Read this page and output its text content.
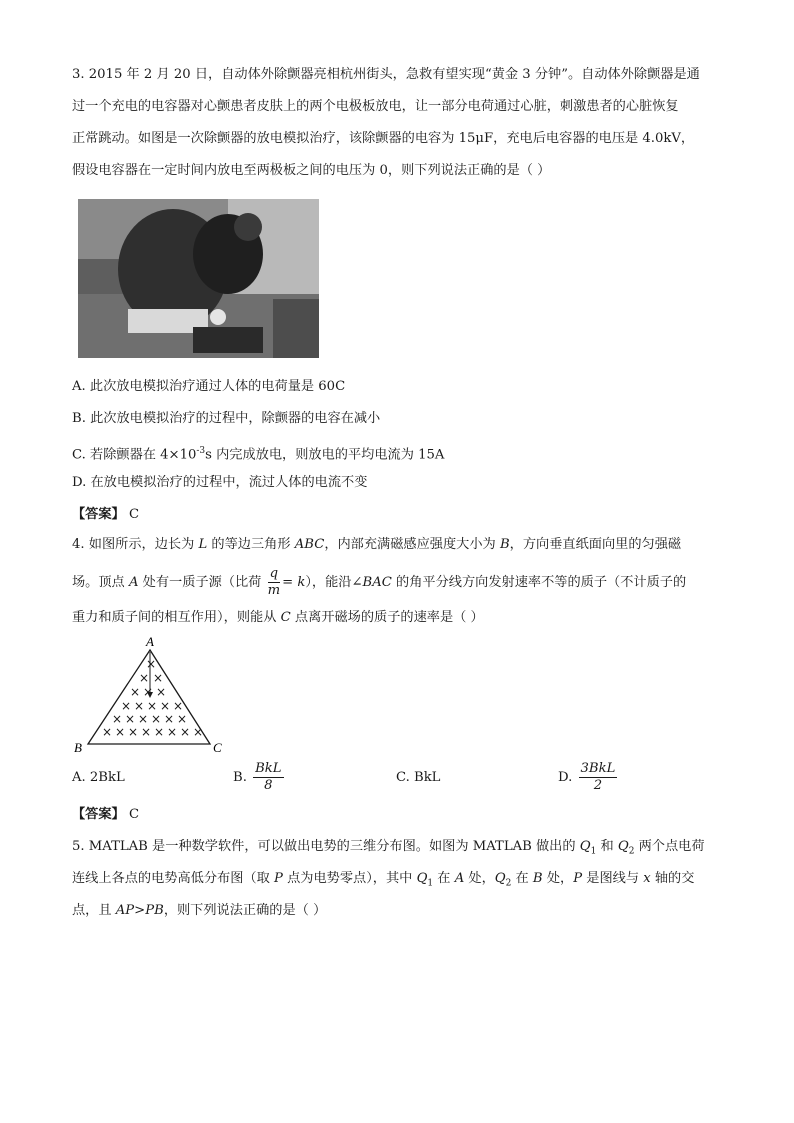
3. 2015 年 2 月 20 日，自动体外除颤器亮相杭州街头，急救有望实现“黄金 3 分钟”。自动体外除颤器是通
过一个充电的电容器对心颤患者皮肤上的两个电极板放电，让一部分电荷通过心脏，刺激患者的心脏恢复
正常跳动。如图是一次除颤器的放电模拟治疗，该除颤器的电容为 15μF，充电后电容器的电压是 4.0kV，
假设电容器在一定时间内放电至两极板之间的电压为 0，则下列说法正确的是（ ）
A. 此次放电模拟治疗通过人体的电荷量是 60C
B. 此次放电模拟治疗的过程中，除颤器的电容在减小
C. 若除颤器在 $4\times 10^{-3}s$ 内完成放电，则放电的平均电流为 15A
D. 在放电模拟治疗的过程中，流过人体的电流不变
【答案】 C
4. 如图所示，边长为 L 的等边三角形 ABC，内部充满磁感应强度大小为 B，方向垂直纸面向里的匀强磁
场。顶点 A 处有一质子源（比荷 $\frac{q}{m} = k$），能沿∠BAC 的角平分线方向发射速率不等的质子（不计质子的
重力和质子间的相互作用），则能从 C 点离开磁场的质子的速率是（ ）
A
B	C
×
× ×
× × ×
× × × × ×
× × × × × ×
× × × × × × × ×
A. 2BkL	B. $\frac{\text{BkL}}{8}$	C. BkL	D. $\frac{\text{3BkL}}{2}$
【答案】 C
5. MATLAB 是一种数学软件，可以做出电势的三维分布图。如图为 MATLAB 做出的 $Q_1$ 和 $Q_2$ 两个点电荷
连线上各点的电势高低分布图（取 P 点为电势零点），其中 $Q_1$ 在 A 处，$Q_2$ 在 B 处，P 是图线与 x 轴的交
点，且 AP>PB，则下列说法正确的是（ ）
